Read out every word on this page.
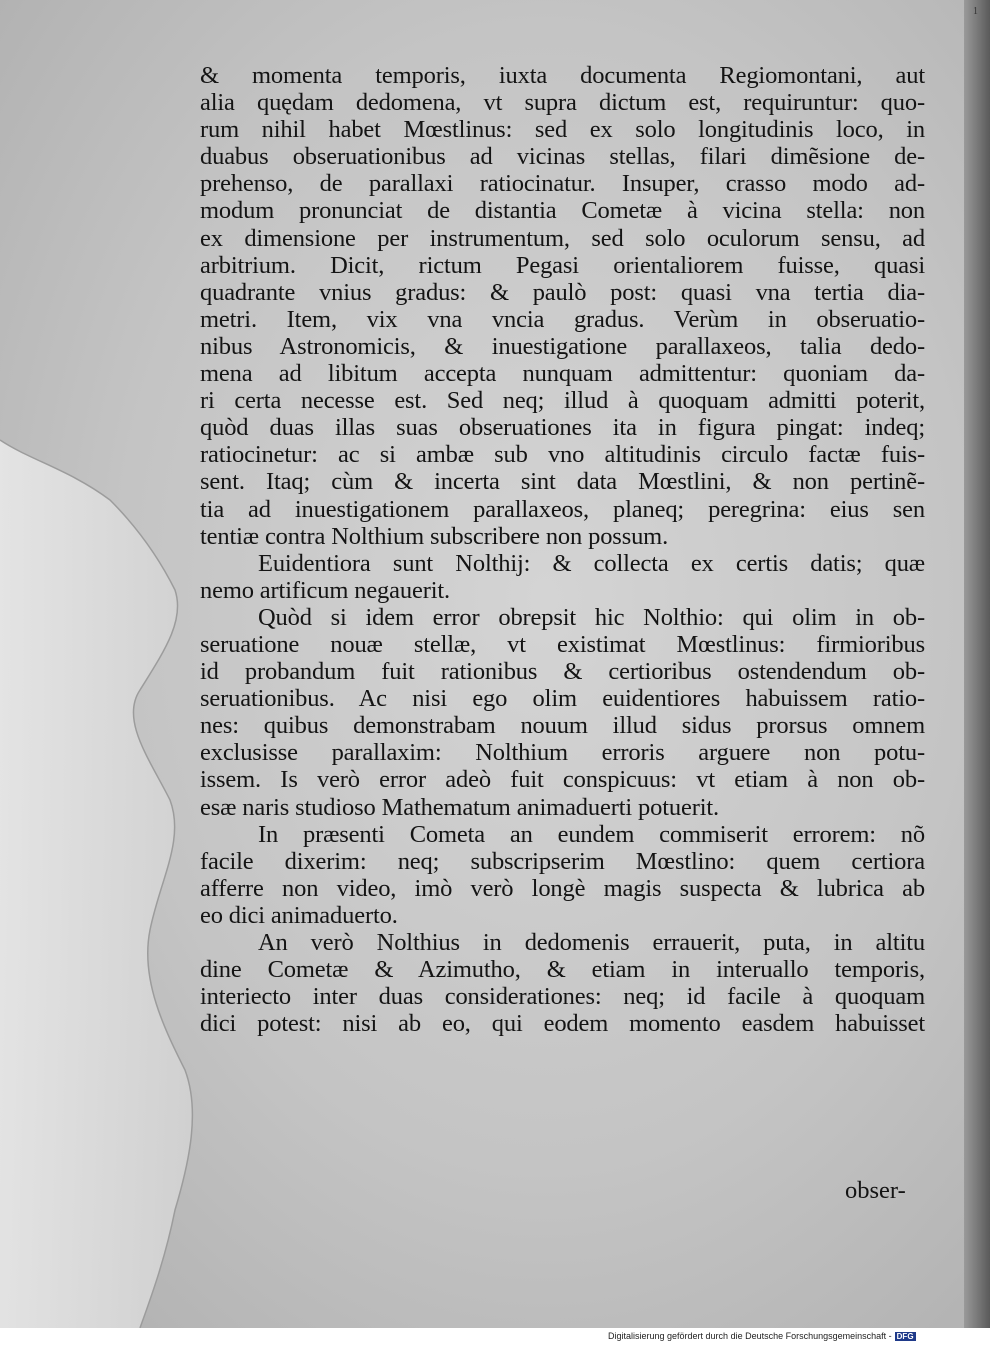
1
& momenta temporis, iuxta documenta Regiomontani, aut
alia quędam dedomena, vt supra dictum est, requiruntur: quo-
rum nihil habet Mœstlinus: sed ex solo longitudinis loco, in
duabus obseruationibus ad vicinas stellas, filari dimẽsione de-
prehenso, de parallaxi ratiocinatur. Insuper, crasso modo ad-
modum pronunciat de distantia Cometæ à vicina stella: non
ex dimensione per instrumentum, sed solo oculorum sensu, ad
arbitrium. Dicit, rictum Pegasi orientaliorem fuisse, quasi
quadrante vnius gradus: & paulò post: quasi vna tertia dia-
metri. Item, vix vna vncia gradus. Verùm in obseruatio-
nibus Astronomicis, & inuestigatione parallaxeos, talia dedo-
mena ad libitum accepta nunquam admittentur: quoniam da-
ri certa necesse est. Sed neq; illud à quoquam admitti poterit,
quòd duas illas suas obseruationes ita in figura pingat: indeq;
ratiocinetur: ac si ambæ sub vno altitudinis circulo factæ fuis-
sent. Itaq; cùm & incerta sint data Mœstlini, & non pertinẽ-
tia ad inuestigationem parallaxeos, planeq; peregrina: eius sen
tentiæ contra Nolthium subscribere non possum.
Euidentiora sunt Nolthij: & collecta ex certis datis; quæ
nemo artificum negauerit.
Quòd si idem error obrepsit hic Nolthio: qui olim in ob-
seruatione nouæ stellæ, vt existimat Mœstlinus: firmioribus
id probandum fuit rationibus & certioribus ostendendum ob-
seruationibus. Ac nisi ego olim euidentiores habuissem ratio-
nes: quibus demonstrabam nouum illud sidus prorsus omnem
exclusisse parallaxim: Nolthium erroris arguere non potu-
issem. Is verò error adeò fuit conspicuus: vt etiam à non ob-
esæ naris studioso Mathematum animaduerti potuerit.
In præsenti Cometa an eundem commiserit errorem: nõ
facile dixerim: neq; subscripserim Mœstlino: quem certiora
afferre non video, imò verò longè magis suspecta & lubrica ab
eo dici animaduerto.
An verò Nolthius in dedomenis errauerit, puta, in altitu
dine Cometæ & Azimutho, & etiam in interuallo temporis,
interiecto inter duas considerationes: neq; id facile à quoquam
dici potest: nisi ab eo, qui eodem momento easdem habuisset
obser-
Digitalisierung gefördert durch die Deutsche Forschungsgemeinschaft - DFG
